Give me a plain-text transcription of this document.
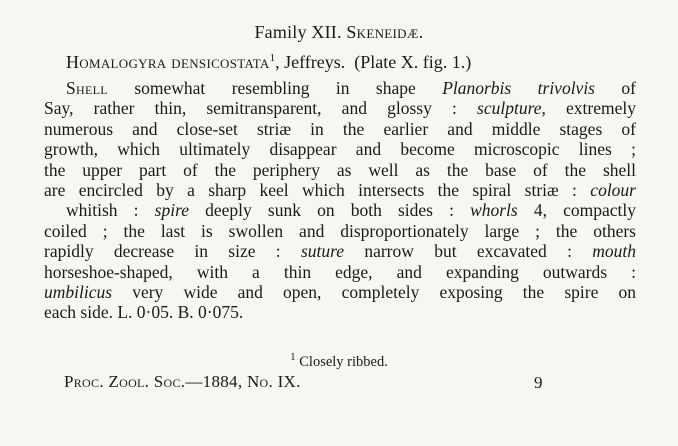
Family XII. Skeneidæ.
Homalogyra densicostata$^1$, Jeffreys. (Plate X. fig. 1.)
Shell somewhat resembling in shape Planorbis trivolvis of
Say, rather thin, semitransparent, and glossy : sculpture, extremely
numerous and close-set striæ in the earlier and middle stages of
growth, which ultimately disappear and become microscopic lines ;
the upper part of the periphery as well as the base of the shell
are encircled by a sharp keel which intersects the spiral striæ : colour
whitish : spire deeply sunk on both sides : whorls 4, compactly
coiled ; the last is swollen and disproportionately large ; the others
rapidly decrease in size : suture narrow but excavated : mouth
horseshoe-shaped, with a thin edge, and expanding outwards :
umbilicus very wide and open, completely exposing the spire on
each side. L. 0·05. B. 0·075.
$^1$ Closely ribbed.
Proc. Zool. Soc.—1884, No. IX.	9
